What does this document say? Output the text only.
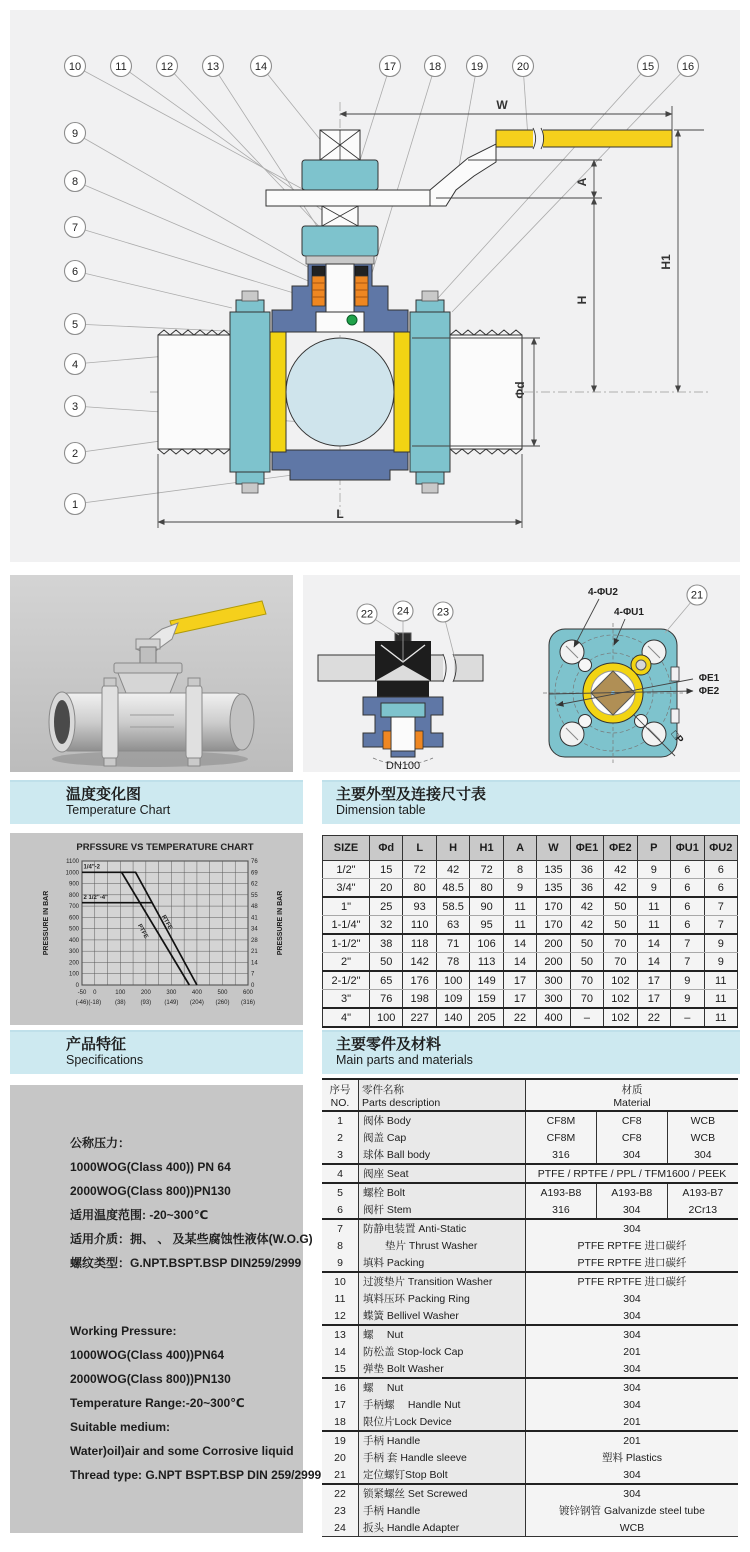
W
A
H1
H
Φd
L
10	11	12	13	14	17	18	19	20	15	16
9
8
7
6
5
4
3
2
1
DN100
4-ΦU2
4-ΦU1
ΦE1
ΦE2
□P
22 24	23
21
温度变化图
Temperature Chart
主要外型及连接尺寸表
Dimension table
产品特征
Specifications
主要零件及材料
Main parts and materials
PRFSSURE VS TEMPERATURE CHART
0
100
200
300
400
500
600
700
800
900
1000
1100
0
7
14
21
28
34
41
48
55
62
69
76
-50 0	100	200	300	400	500	600
(-46) (-18) (38) (93) (149) (204) (260) (316)
1/4"-2
2 1/2"-4"
RTFE
PTFE
PRESSURE IN BAR	PRESSURE IN BAR
SIZE	Φd	L	H	H1	A	W	ΦE1	ΦE2	P	ΦU1	ΦU2
1/2"	15	72	42	72	8	135	36	42	9	6	6
3/4"	20	80	48.5	80	9	135	36	42	9	6	6
1"	25	93	58.5	90	11	170	42	50	11	6	7
1-1/4"	32	110	63	95	11	170	42	50	11	6	7
1-1/2"	38	118	71	106	14	200	50	70	14	7	9
2"	50	142	78	113	14	200	50	70	14	7	9
2-1/2"	65	176	100	149	17	300	70	102	17	9	11
3"	76	198	109	159	17	300	70	102	17	9	11
4"	100	227	140	205	22	400	–	102	22	–	11
公称压力：
1000WOG(Class 400)) PN 64
2000WOG(Class 800))PN130
适用温度范围: -20~300℃
适用介质：拥、 、 及某些腐蚀性液体(W.O.G)
螺纹类型：G.NPT.BSPT.BSP DIN259/2999
Working Pressure:
1000WOG(Class 400))PN64
2000WOG(Class 800))PN130
Temperature Range:-20~300℃
Suitable medium:
Water)oil)air and some Corrosive liquid
Thread type: G.NPT BSPT.BSP DIN 259/2999
序号
NO.

零件名称
Parts description

材质
Material

1	阀体 Body	CF8M	CF8	WCB
2	阀盖 Cap	CF8M	CF8	WCB
3	球体 Ball body	316	304	304
4	阀座 Seat	PTFE / RPTFE / PPL / TFM1600 / PEEK		
5	螺栓 Bolt	A193-B8	A193-B8	A193-B7
6	阀杆 Stem	316	304	2Cr13
7	防静电装置 Anti-Static	304		
8	垫片 Thrust Washer	PTFE RPTFE 进口碳纤		
9	填料 Packing	PTFE RPTFE 进口碳纤		
10	过渡垫片 Transition Washer	PTFE RPTFE 进口碳纤		
11	填料压环 Packing Ring	304		
12	蝶簧 Bellivel Washer	304		
13	螺　 Nut	304		
14	防松盖 Stop-lock Cap	201		
15	弹垫 Bolt Washer	304		
16	螺　 Nut	304		
17	手柄螺　 Handle Nut	304		
18	限位片Lock Device	201		
19	手柄 Handle	201		
20	手柄 套 Handle sleeve	塑料 Plastics		
21	定位螺钉Stop Bolt	304		
22	锁紧螺丝 Set Screwed	304		
23	手柄 Handle	镀锌钢管 Galvanizde steel tube		
24	扳头 Handle Adapter	WCB		
